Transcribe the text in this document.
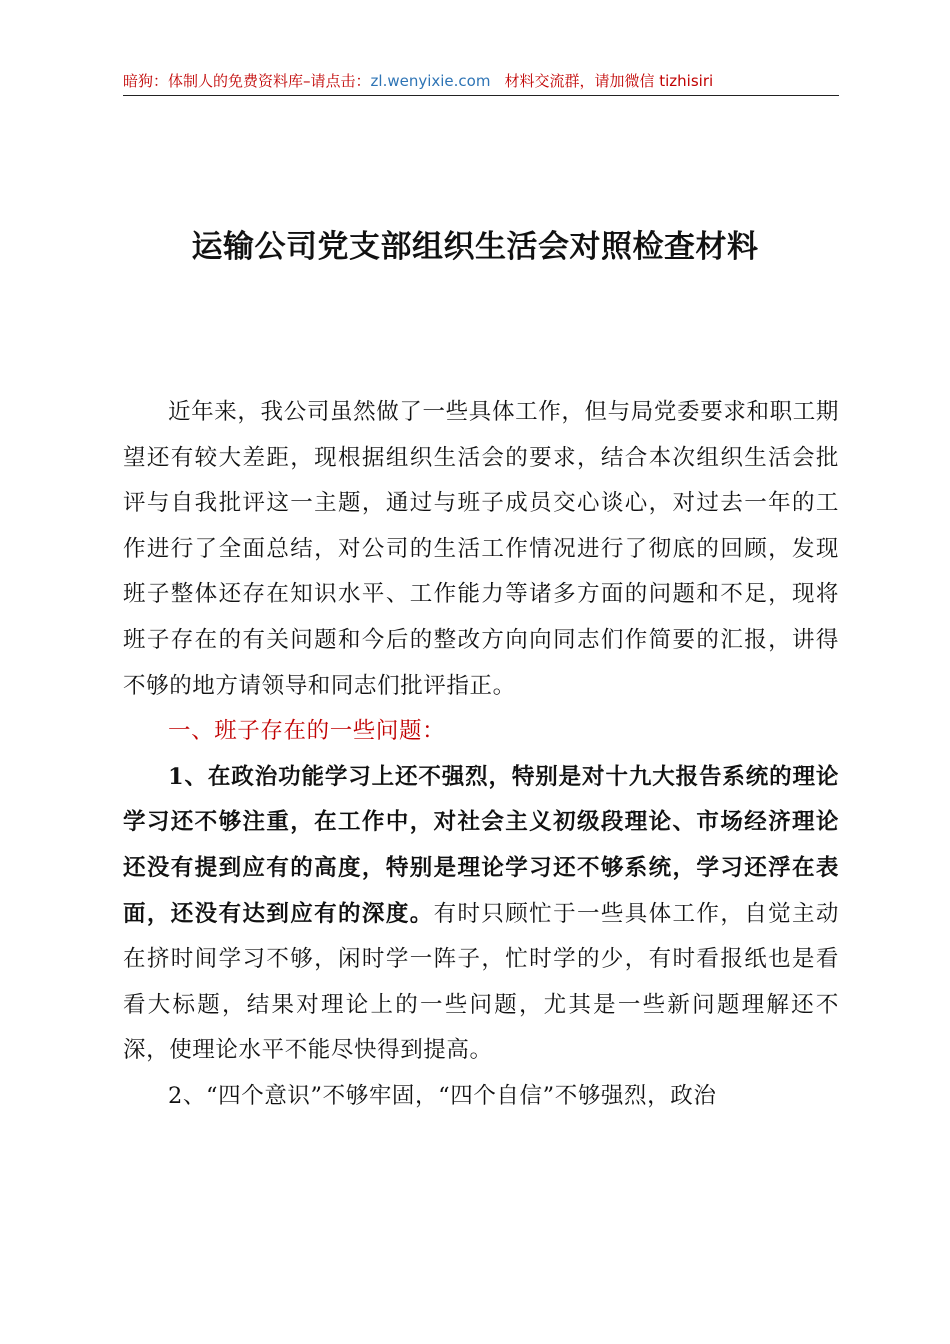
暗狗：体制人的免费资料库–请点击：zl.wenyixie.com 材料交流群，请加微信 tizhisiri
运输公司党支部组织生活会对照检查材料

近年来，我公司虽然做了一些具体工作，但与局党委要求和职工期望还有较大差距，现根据组织生活会的要求，结合本次组织生活会批评与自我批评这一主题，通过与班子成员交心谈心，对过去一年的工作进行了全面总结，对公司的生活工作情况进行了彻底的回顾，发现班子整体还存在知识水平、工作能力等诸多方面的问题和不足，现将班子存在的有关问题和今后的整改方向向同志们作简要的汇报，讲得不够的地方请领导和同志们批评指正。

一、班子存在的一些问题：

1、在政治功能学习上还不强烈，特别是对十九大报告系统的理论学习还不够注重，在工作中，对社会主义初级段理论、市场经济理论还没有提到应有的高度，特别是理论学习还不够系统，学习还浮在表面，还没有达到应有的深度。有时只顾忙于一些具体工作，自觉主动在挤时间学习不够，闲时学一阵子，忙时学的少，有时看报纸也是看看大标题，结果对理论上的一些问题，尤其是一些新问题理解还不深，使理论水平不能尽快得到提高。

2、“四个意识”不够牢固，“四个自信”不够强烈，政治
